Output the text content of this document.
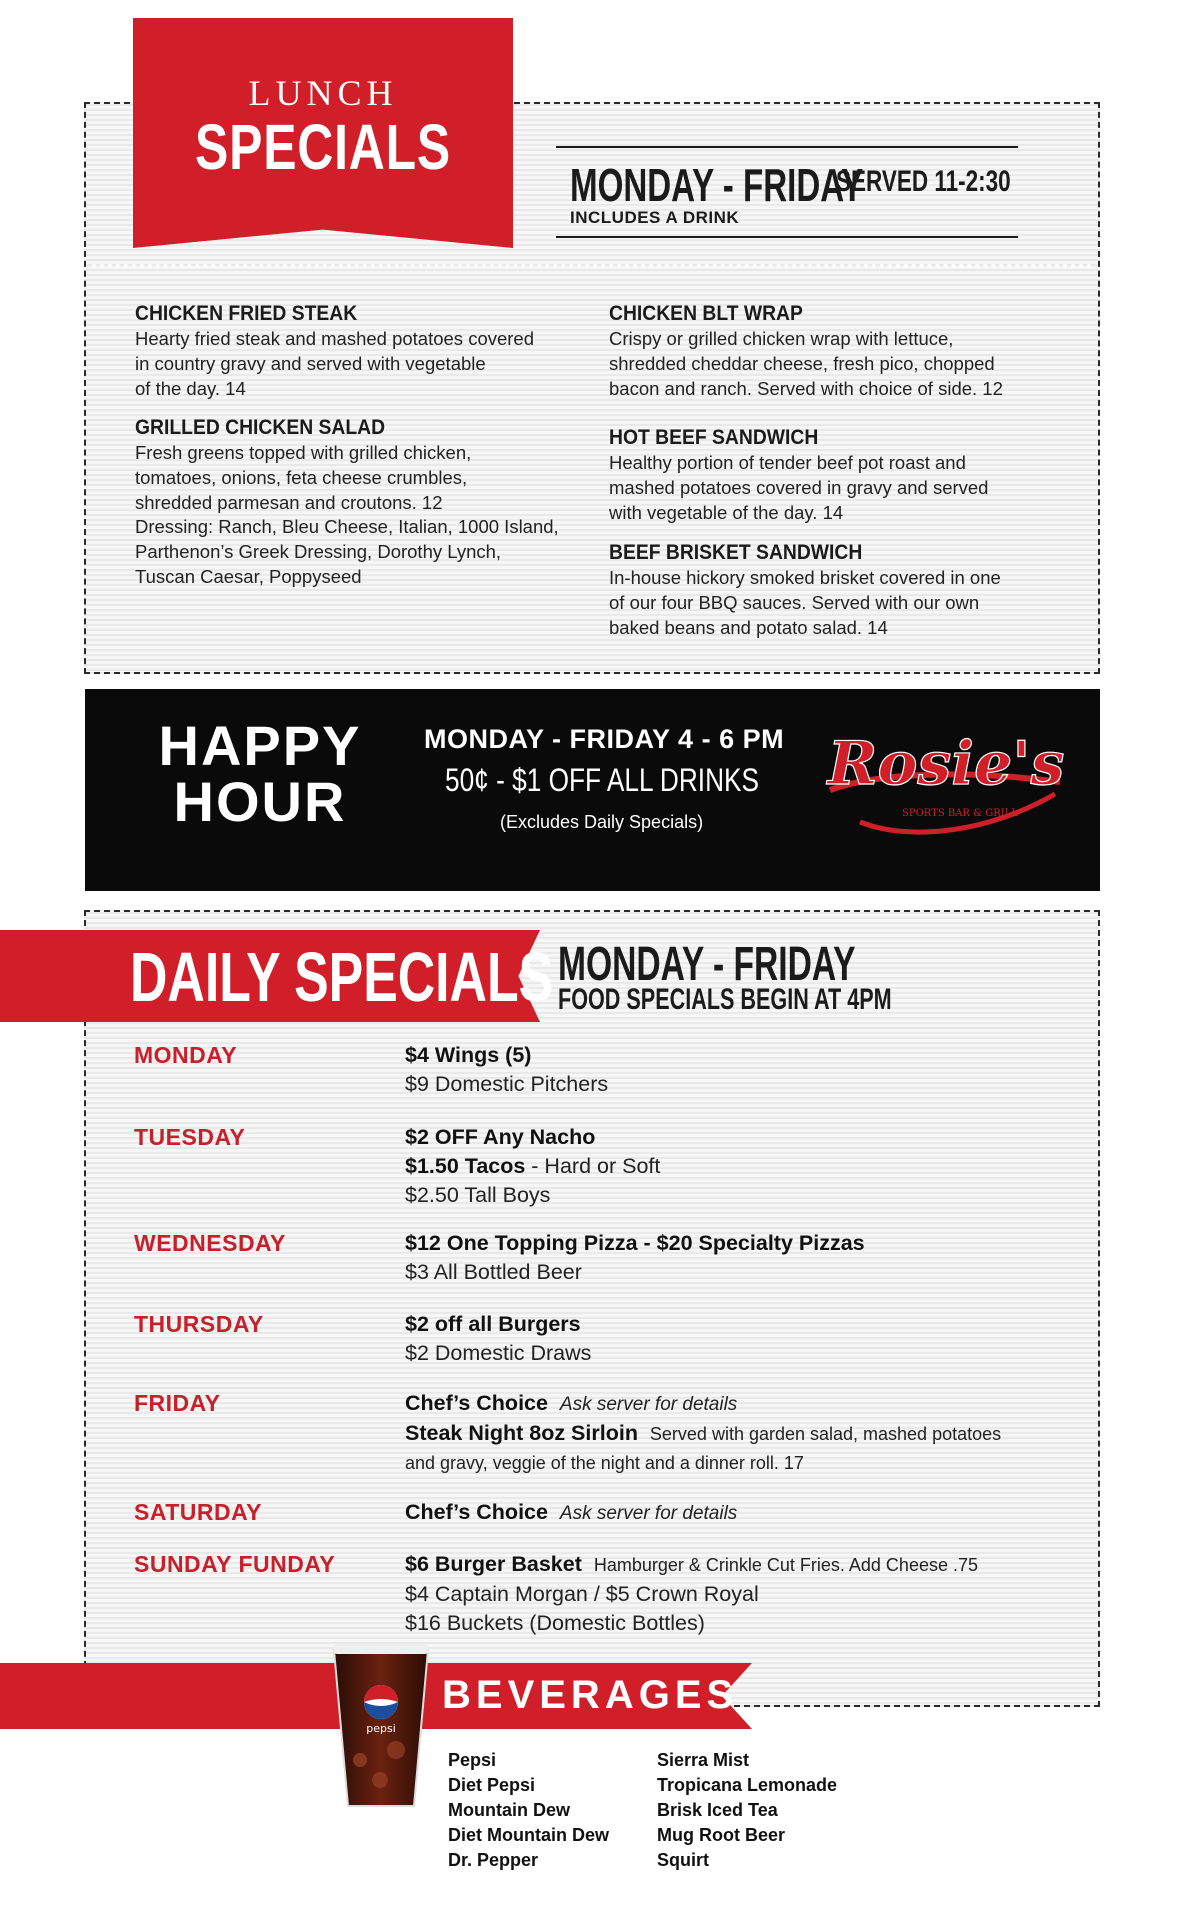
LUNCH
SPECIALS
MONDAY - FRIDAY
SERVED 11-2:30
INCLUDES A DRINK
CHICKEN FRIED STEAK
Hearty fried steak and mashed potatoes covered
in country gravy and served with vegetable
of the day. 14
GRILLED CHICKEN SALAD
Fresh greens topped with grilled chicken,
tomatoes, onions, feta cheese crumbles,
shredded parmesan and croutons. 12
Dressing: Ranch, Bleu Cheese, Italian, 1000 Island,
Parthenon’s Greek Dressing, Dorothy Lynch,
Tuscan Caesar, Poppyseed
CHICKEN BLT WRAP
Crispy or grilled chicken wrap with lettuce,
shredded cheddar cheese, fresh pico, chopped
bacon and ranch. Served with choice of side. 12
HOT BEEF SANDWICH
Healthy portion of tender beef pot roast and
mashed potatoes covered in gravy and served
with vegetable of the day. 14
BEEF BRISKET SANDWICH
In-house hickory smoked brisket covered in one
of our four BBQ sauces. Served with our own
baked beans and potato salad. 14
HAPPY
HOUR
MONDAY - FRIDAY 4 - 6 PM
50¢ - $1 OFF ALL DRINKS
(Excludes Daily Specials)
Rosie's
SPORTS BAR & GRILL
DAILY SPECIALS MONDAY - FRIDAY
FOOD SPECIALS BEGIN AT 4PM
MONDAY	$4 Wings (5)
$9 Domestic Pitchers
TUESDAY	$2 OFF Any Nacho
$1.50 Tacos - Hard or Soft
$2.50 Tall Boys
WEDNESDAY	$12 One Topping Pizza - $20 Specialty Pizzas
$3 All Bottled Beer
THURSDAY	$2 off all Burgers
$2 Domestic Draws
FRIDAY	Chef’s Choice Ask server for details
Steak Night 8oz Sirloin Served with garden salad, mashed potatoes
and gravy, veggie of the night and a dinner roll. 17
SATURDAY	Chef’s Choice Ask server for details
SUNDAY FUNDAY	$6 Burger Basket Hamburger & Crinkle Cut Fries. Add Cheese .75
$4 Captain Morgan / $5 Crown Royal
$16 Buckets (Domestic Bottles)
BEVERAGES
pepsi
Pepsi
Diet Pepsi
Mountain Dew
Diet Mountain Dew
Dr. Pepper
Sierra Mist
Tropicana Lemonade
Brisk Iced Tea
Mug Root Beer
Squirt
